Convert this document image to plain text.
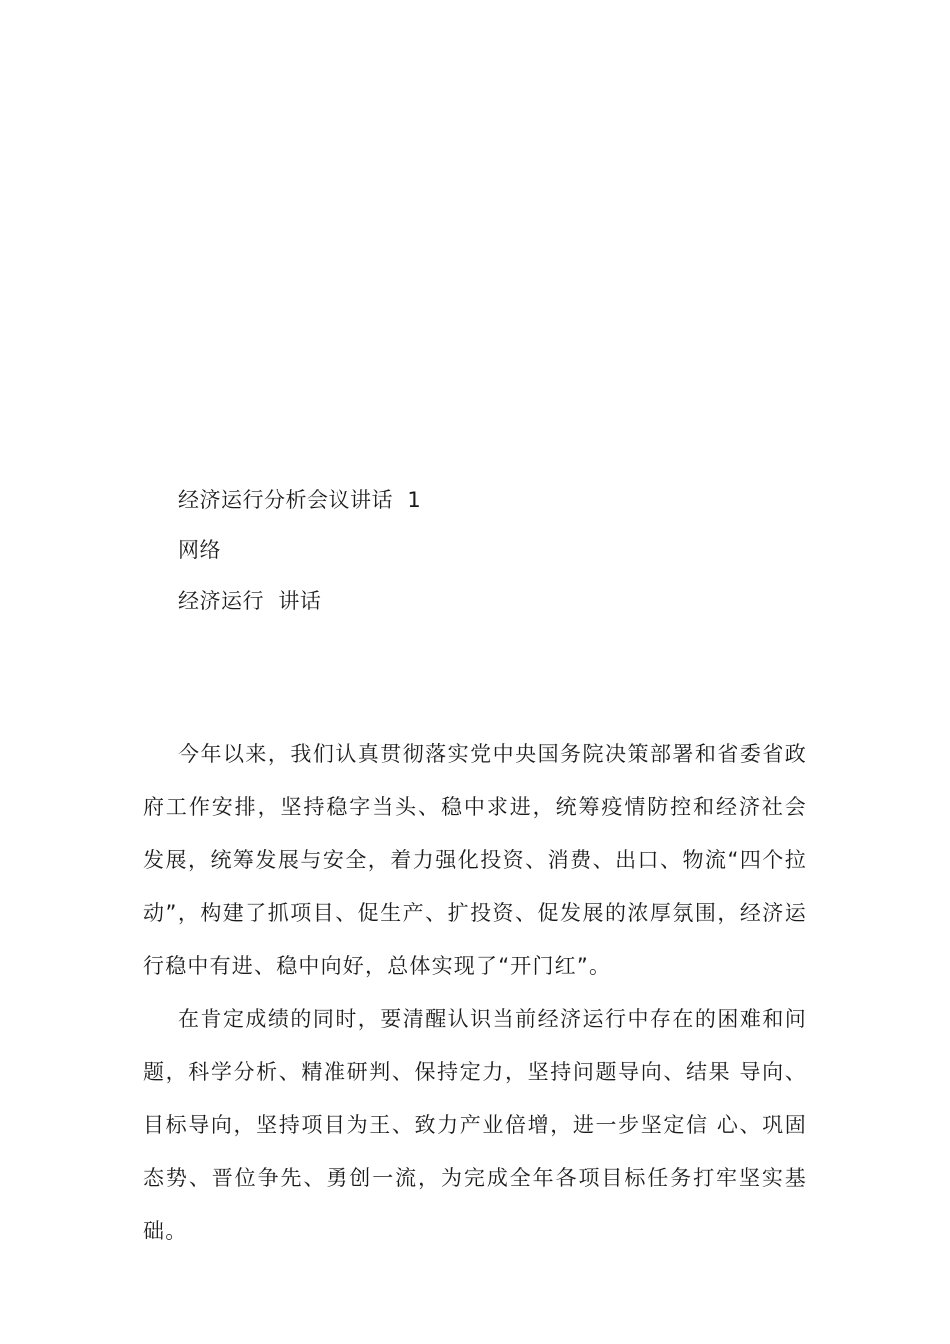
经济运行分析会议讲话  1
网络
经济运行  讲话

今年以来，我们认真贯彻落实党中央国务院决策部署和省委省政府工作安排，坚持稳字当头、稳中求进，统筹疫情防控和经济社会发展，统筹发展与安全，着力强化投资、消费、出口、物流“四个拉动”，构建了抓项目、促生产、扩投资、促发展的浓厚氛围，经济运行稳中有进、稳中向好，总体实现了“开门红”。

在肯定成绩的同时，要清醒认识当前经济运行中存在的困难和问题，科学分析、精准研判、保持定力，坚持问题导向、结果 导向、目标导向，坚持项目为王、致力产业倍增，进一步坚定信 心、巩固态势、晋位争先、勇创一流，为完成全年各项目标任务打牢坚实基础。
